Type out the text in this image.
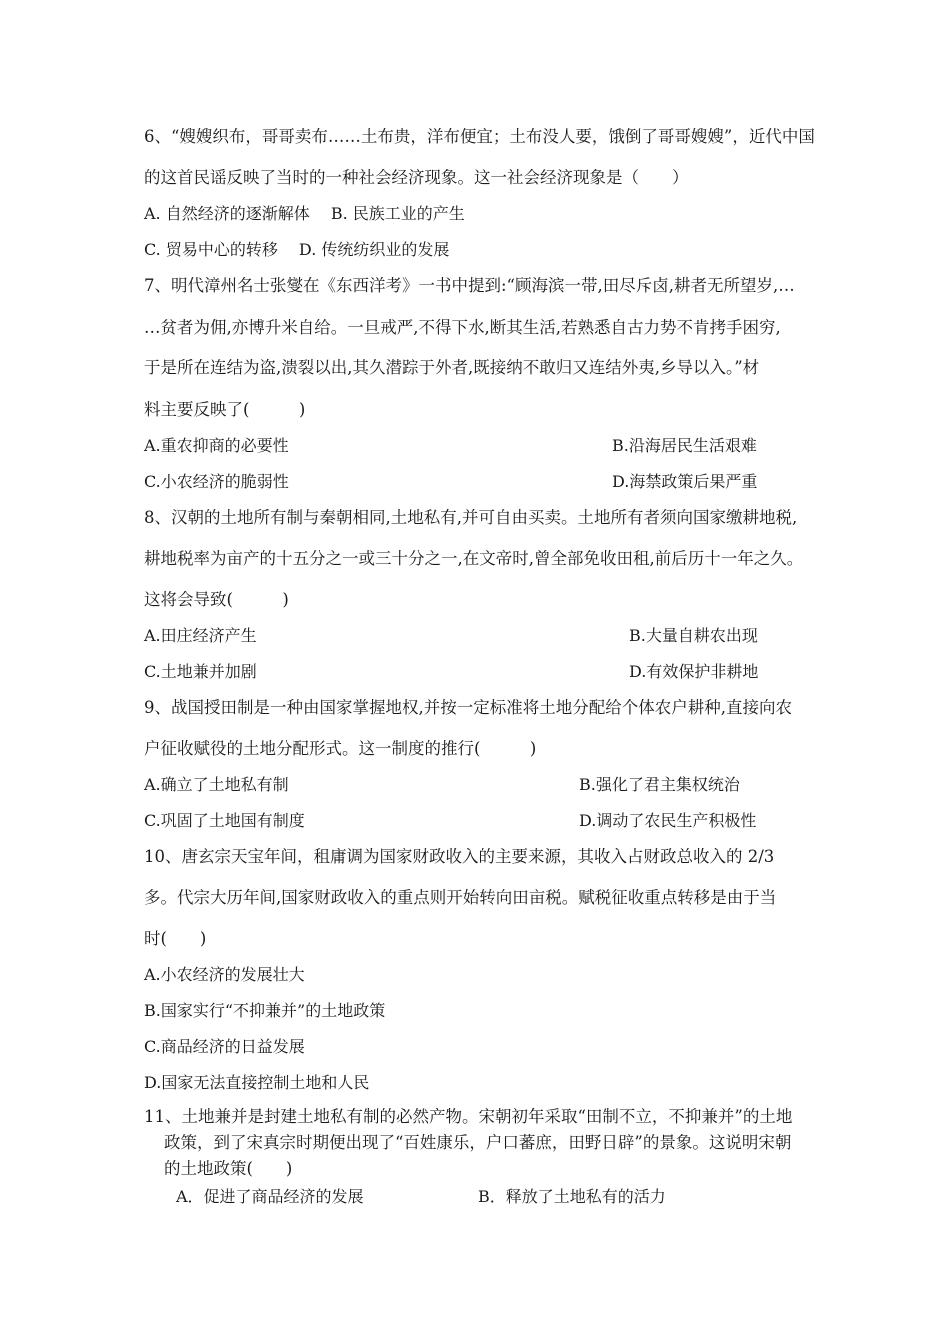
6、“嫂嫂织布，哥哥卖布……土布贵，洋布便宜；土布没人要，饿倒了哥哥嫂嫂”，近代中国
的这首民谣反映了当时的一种社会经济现象。这一社会经济现象是（　　）
A. 自然经济的逐渐解体　 B. 民族工业的产生
C. 贸易中心的转移　 D. 传统纺织业的发展
7、明代漳州名士张燮在《东西洋考》一书中提到:“顾海滨一带,田尽斥卤,耕者无所望岁,…
…贫者为佣,亦博升米自给。一旦戒严,不得下水,断其生活,若熟悉自古力势不肯拷手困穷,
于是所在连结为盗,溃裂以出,其久潜踪于外者,既接纳不敢归又连结外夷,乡导以入。”材
料主要反映了(　　　)
A.重农抑商的必要性	B.沿海居民生活艰难
C.小农经济的脆弱性	D.海禁政策后果严重
8、汉朝的土地所有制与秦朝相同,土地私有,并可自由买卖。土地所有者须向国家缴耕地税,
耕地税率为亩产的十五分之一或三十分之一,在文帝时,曾全部免收田租,前后历十一年之久。
这将会导致(　　　)
A.田庄经济产生	B.大量自耕农出现
C.土地兼并加剧	D.有效保护非耕地
9、战国授田制是一种由国家掌握地权,并按一定标准将土地分配给个体农户耕种,直接向农
户征收赋役的土地分配形式。这一制度的推行(　　　)
A.确立了土地私有制	B.强化了君主集权统治
C.巩固了土地国有制度	D.调动了农民生产积极性
10、唐玄宗天宝年间，租庸调为国家财政收入的主要来源，其收入占财政总收入的 2/3
多。代宗大历年间,国家财政收入的重点则开始转向田亩税。赋税征收重点转移是由于当
时(　　)
A.小农经济的发展壮大
B.国家实行“不抑兼并”的土地政策
C.商品经济的日益发展
D.国家无法直接控制土地和人民
11、土地兼并是封建土地私有制的必然产物。宋朝初年采取“田制不立，不抑兼并”的土地
政策，到了宋真宗时期便出现了“百姓康乐，户口蕃庶，田野日辟”的景象。这说明宋朝
的土地政策(　　)
A．促进了商品经济的发展	B．释放了土地私有的活力
